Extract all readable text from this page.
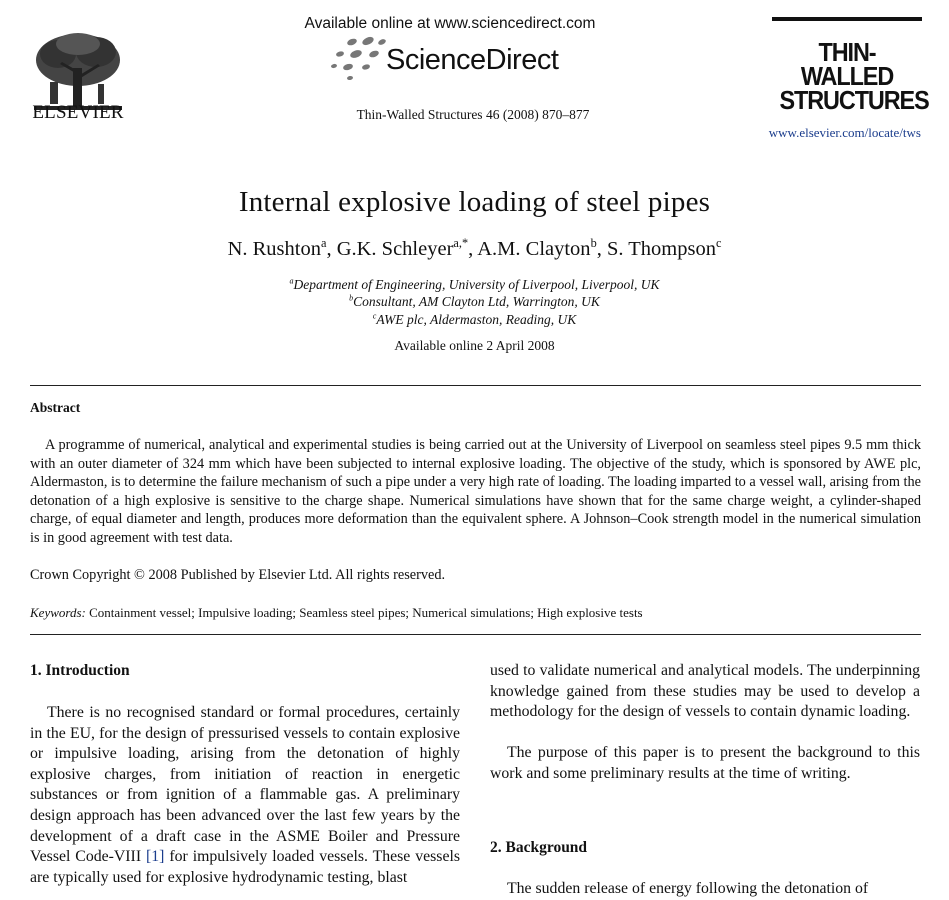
ELSEVIER
Available online at www.sciencedirect.com
ScienceDirect
Thin-Walled Structures 46 (2008) 870–877
THIN-WALLED
STRUCTURES
www.elsevier.com/locate/tws
Internal explosive loading of steel pipes
N. Rushton$^a$, G.K. Schleyer$^{a,*}$, A.M. Clayton$^b$, S. Thompson$^c$
$^a$Department of Engineering, University of Liverpool, Liverpool, UK
$^b$Consultant, AM Clayton Ltd, Warrington, UK
$^c$AWE plc, Aldermaston, Reading, UK
Available online 2 April 2008
Abstract

A programme of numerical, analytical and experimental studies is being carried out at the University of Liverpool on seamless steel pipes 9.5 mm thick with an outer diameter of 324 mm which have been subjected to internal explosive loading. The objective of the study, which is sponsored by AWE plc, Aldermaston, is to determine the failure mechanism of such a pipe under a very high rate of loading. The loading imparted to a vessel wall, arising from the detonation of a high explosive is sensitive to the charge shape. Numerical simulations have shown that for the same charge weight, a cylinder-shaped charge, of equal diameter and length, produces more deformation than the equivalent sphere. A Johnson–Cook strength model in the numerical simulation is in good agreement with test data.

Crown Copyright © 2008 Published by Elsevier Ltd. All rights reserved.
Keywords: Containment vessel; Impulsive loading; Seamless steel pipes; Numerical simulations; High explosive tests
1. Introduction

There is no recognised standard or formal procedures, certainly in the EU, for the design of pressurised vessels to contain explosive or impulsive loading, arising from the detonation of highly explosive charges, from initiation of reaction in energetic substances or from ignition of a flammable gas. A preliminary design approach has been advanced over the last few years by the development of a draft case in the ASME Boiler and Pressure Vessel Code-VIII [1] for impulsively loaded vessels. These vessels are typically used for explosive hydrodynamic testing, blast

used to validate numerical and analytical models. The underpinning knowledge gained from these studies may be used to develop a methodology for the design of vessels to contain dynamic loading.

The purpose of this paper is to present the background to this work and some preliminary results at the time of writing.

2. Background

The sudden release of energy following the detonation of
